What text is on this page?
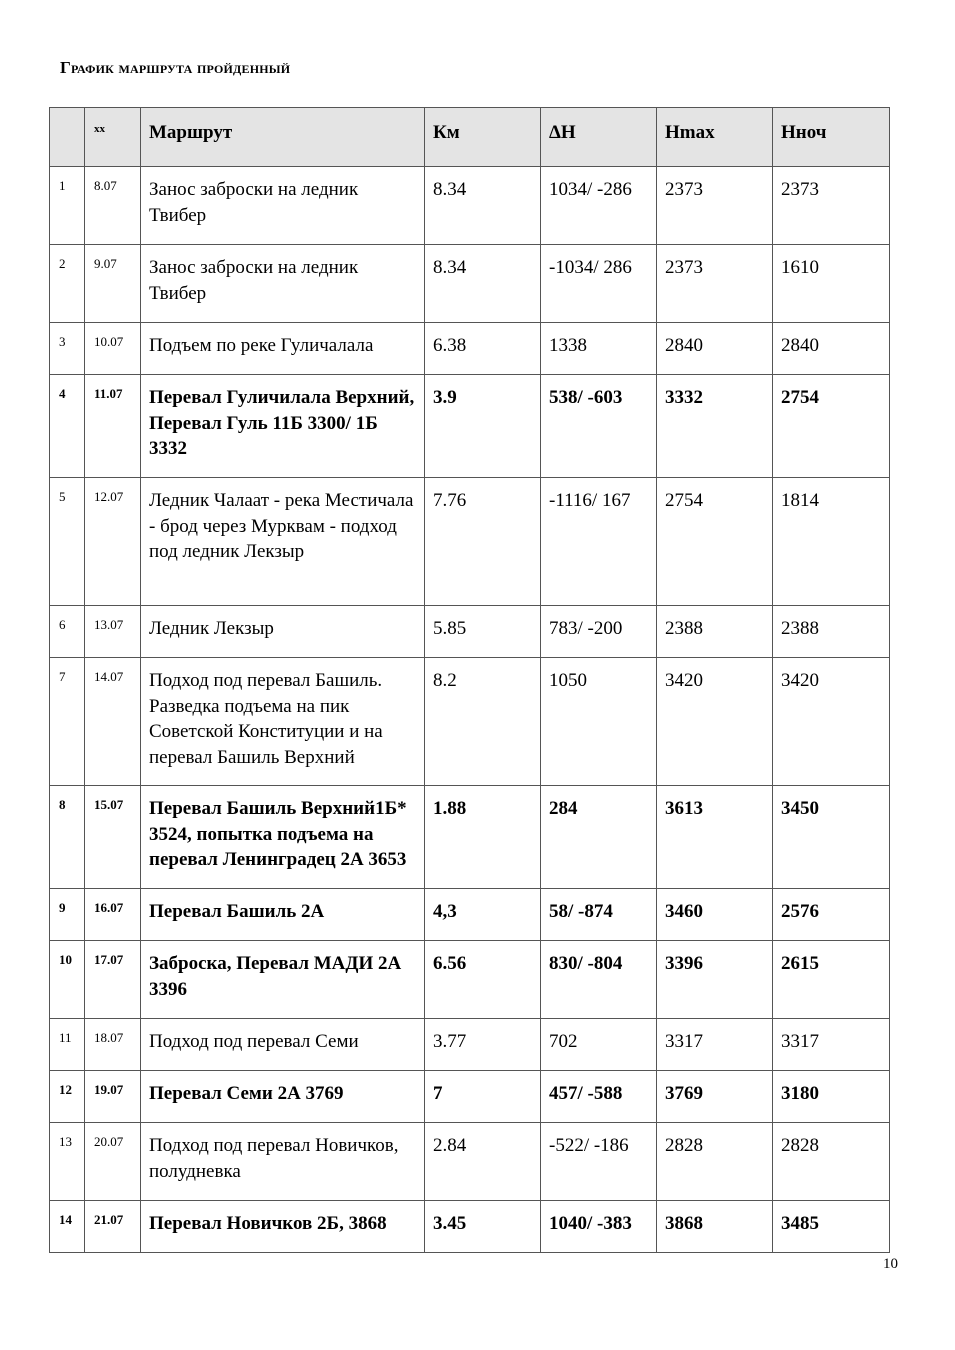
График маршрута пройденный

	хх	Маршрут	Км	ΔН	Hmax	Нноч

1	8.07	Занос заброски на ледник Твибер	8.34	1034/ -286	2373	2373

2	9.07	Занос заброски на ледник Твибер	8.34	-1034/ 286	2373	1610

3	10.07	Подъем по реке Гуличалала	6.38	1338	2840	2840

4	11.07	Перевал Гуличилала Верхний, Перевал Гуль 11Б 3300/ 1Б 3332	3.9	538/ -603	3332	2754

5	12.07	Ледник Чалаат - река Местичала - брод через Мурквам - подход под ледник Лекзыр	7.76	-1116/ 167	2754	1814

6	13.07	Ледник Лекзыр	5.85	783/ -200	2388	2388

7	14.07	Подход под перевал Башиль. Разведка подъема на пик Советской Конституции и на перевал Башиль Верхний	8.2	1050	3420	3420

8	15.07	Перевал Башиль Верхний1Б* 3524, попытка подъема на перевал Ленинградец 2А 3653	1.88	284	3613	3450

9	16.07	Перевал Башиль 2А	4,3	58/ -874	3460	2576

10	17.07	Заброска, Перевал МАДИ 2А 3396	6.56	830/ -804	3396	2615

11	18.07	Подход под перевал Семи	3.77	702	3317	3317

12	19.07	Перевал Семи 2А 3769	7	457/ -588	3769	3180

13	20.07	Подход под перевал Новичков, полудневка	2.84	-522/ -186	2828	2828

14	21.07	Перевал Новичков 2Б, 3868	3.45	1040/ -383	3868	3485
10
